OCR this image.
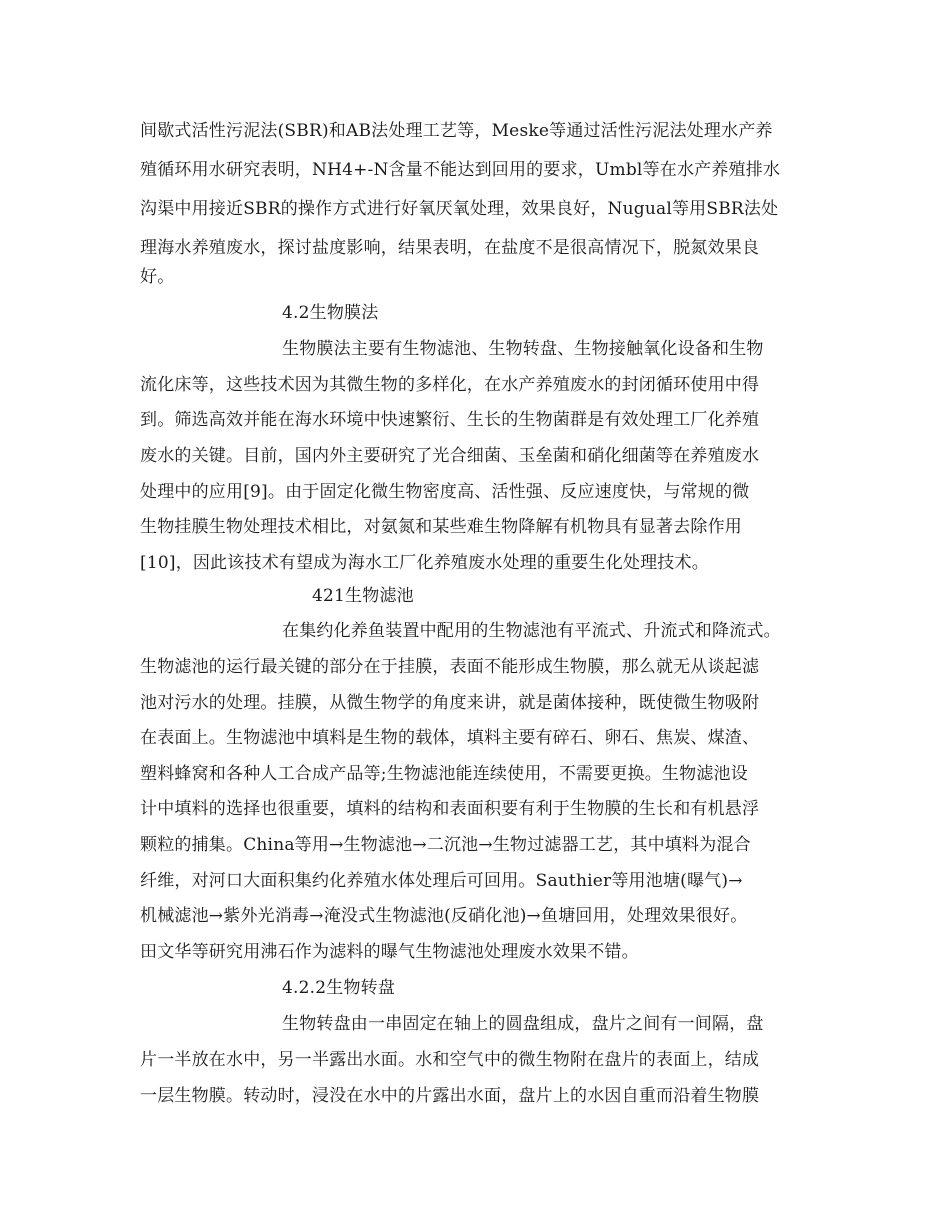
间歇式活性污泥法(SBR)和AB法处理工艺等，Meske等通过活性污泥法处理水产养
殖循环用水研究表明，NH4+-N含量不能达到回用的要求，Umbl等在水产养殖排水
沟渠中用接近SBR的操作方式进行好氧厌氧处理，效果良好，Nugual等用SBR法处
理海水养殖废水，探讨盐度影响，结果表明，在盐度不是很高情况下，脱氮效果良
好。
4.2生物膜法
生物膜法主要有生物滤池、生物转盘、生物接触氧化设备和生物
流化床等，这些技术因为其微生物的多样化，在水产养殖废水的封闭循环使用中得
到。筛选高效并能在海水环境中快速繁衍、生长的生物菌群是有效处理工厂化养殖
废水的关键。目前，国内外主要研究了光合细菌、玉垒菌和硝化细菌等在养殖废水
处理中的应用[9]。由于固定化微生物密度高、活性强、反应速度快，与常规的微
生物挂膜生物处理技术相比，对氨氮和某些难生物降解有机物具有显著去除作用
[10]，因此该技术有望成为海水工厂化养殖废水处理的重要生化处理技术。
421生物滤池
在集约化养鱼装置中配用的生物滤池有平流式、升流式和降流式。
生物滤池的运行最关键的部分在于挂膜，表面不能形成生物膜，那么就无从谈起滤
池对污水的处理。挂膜，从微生物学的角度来讲，就是菌体接种，既使微生物吸附
在表面上。生物滤池中填料是生物的载体，填料主要有碎石、卵石、焦炭、煤渣、
塑料蜂窝和各种人工合成产品等;生物滤池能连续使用，不需要更换。生物滤池设
计中填料的选择也很重要，填料的结构和表面积要有利于生物膜的生长和有机悬浮
颗粒的捕集。China等用→生物滤池→二沉池→生物过滤器工艺，其中填料为混合
纤维，对河口大面积集约化养殖水体处理后可回用。Sauthier等用池塘(曝气)→
机械滤池→紫外光消毒→淹没式生物滤池(反硝化池)→鱼塘回用，处理效果很好。
田文华等研究用沸石作为滤料的曝气生物滤池处理废水效果不错。
4.2.2生物转盘
生物转盘由一串固定在轴上的圆盘组成，盘片之间有一间隔，盘
片一半放在水中，另一半露出水面。水和空气中的微生物附在盘片的表面上，结成
一层生物膜。转动时，浸没在水中的片露出水面，盘片上的水因自重而沿着生物膜
